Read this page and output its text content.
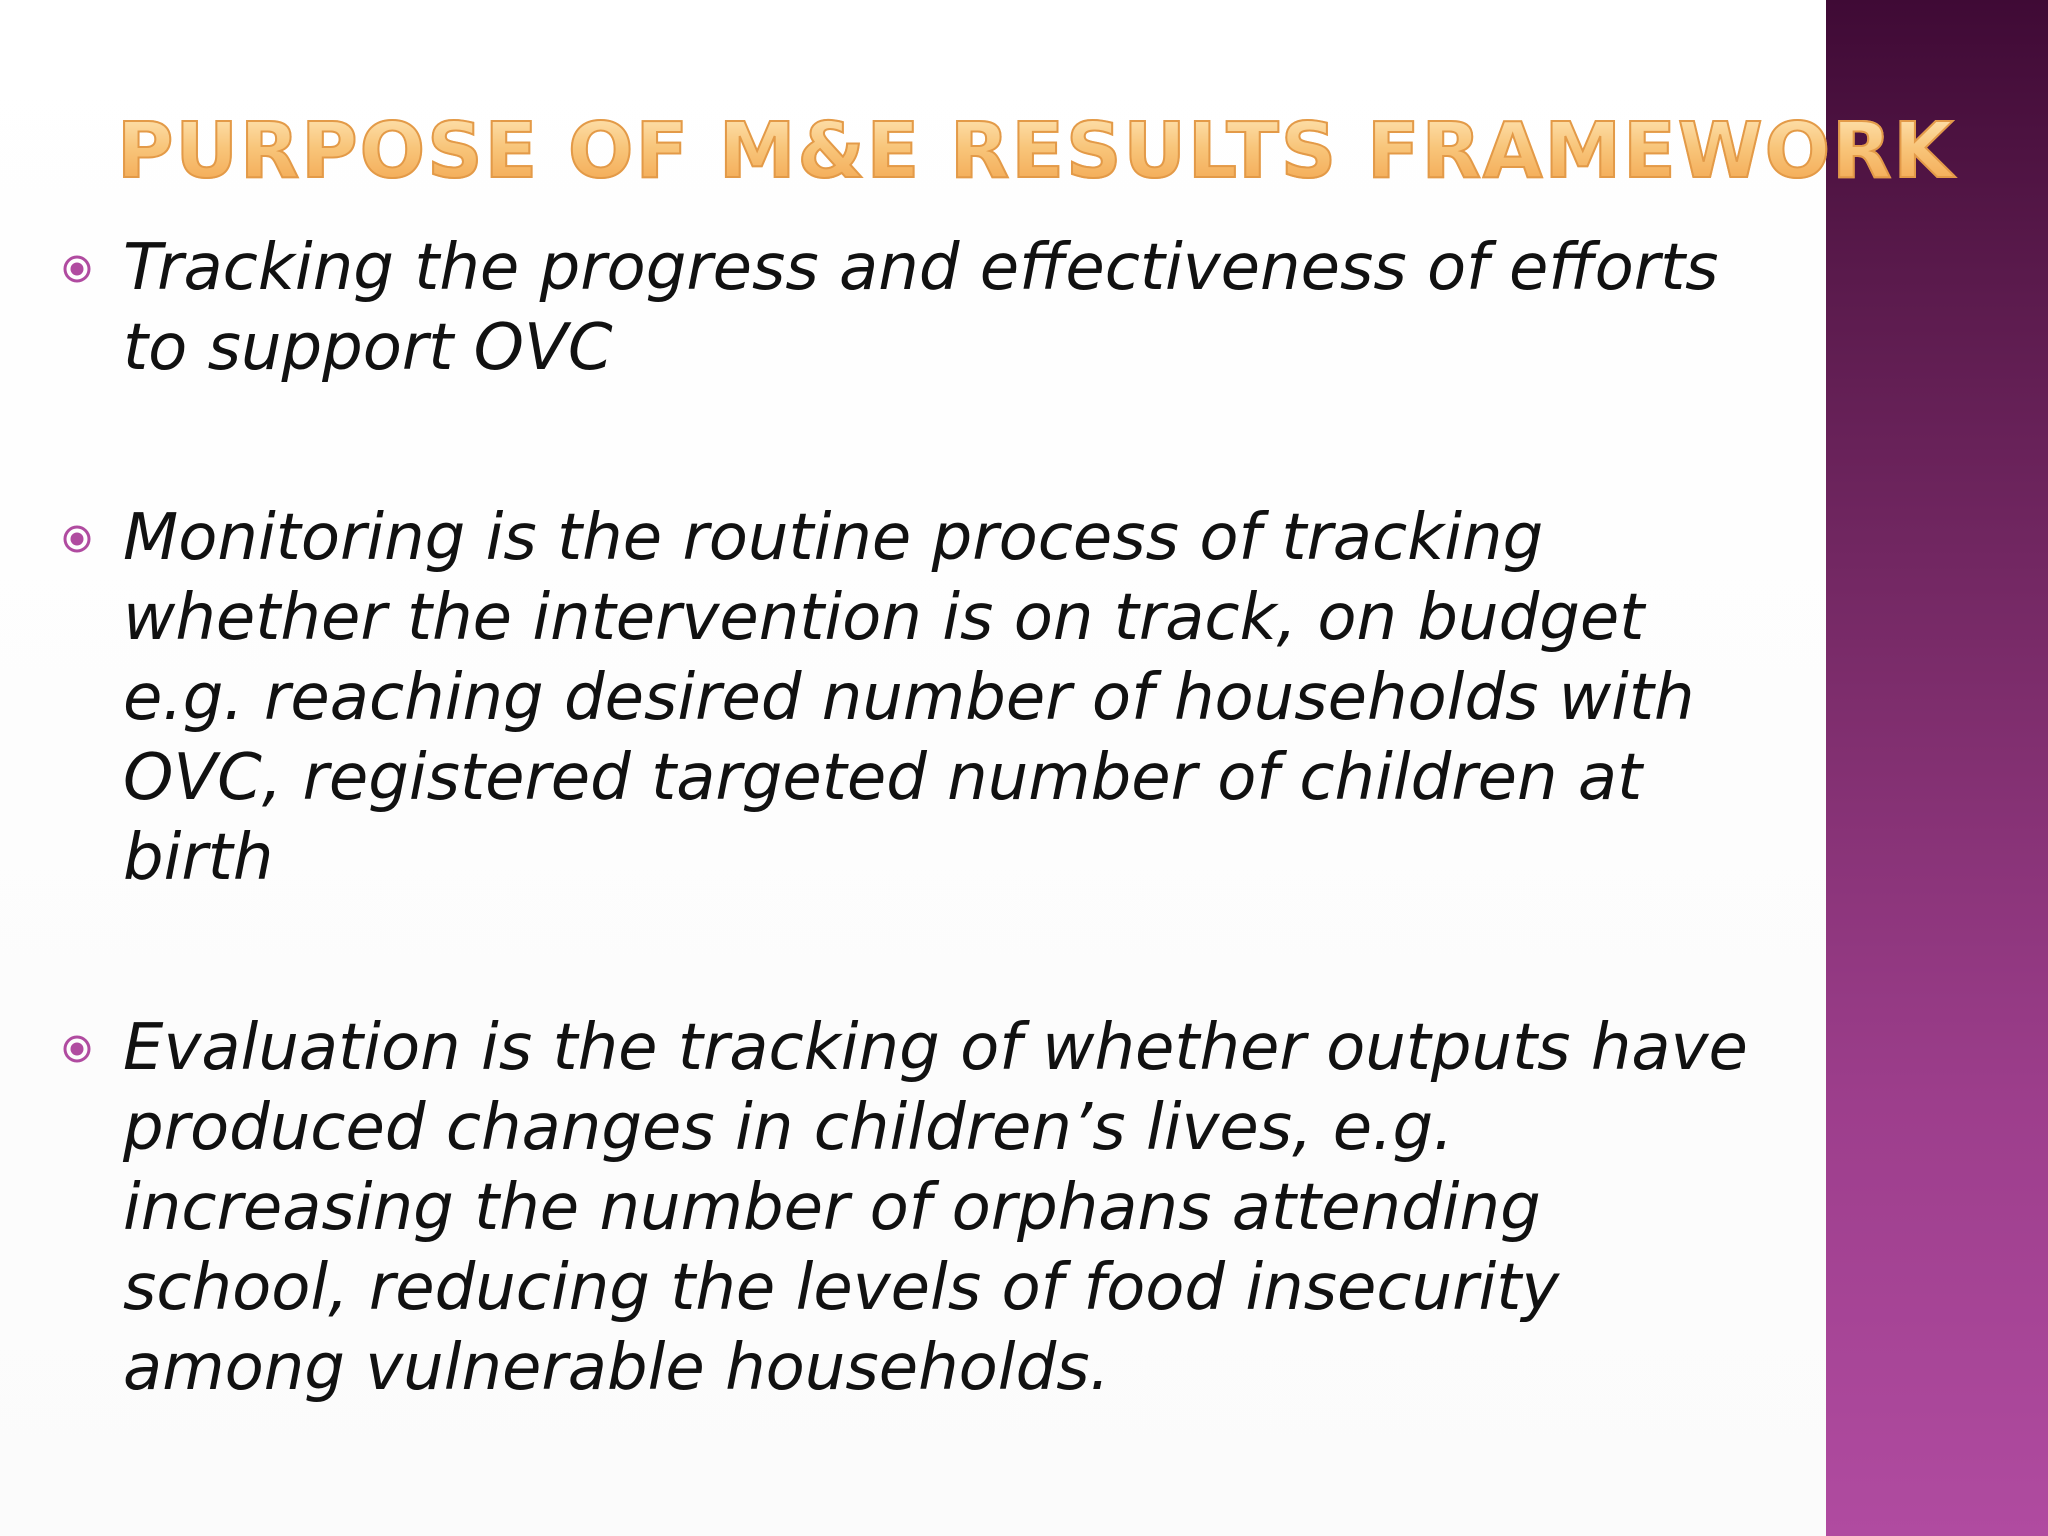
PURPOSE OF M&E RESULTS FRAMEWORK
Tracking the progress and effectiveness of efforts to support OVC
Monitoring is the routine process of tracking whether the intervention is on track, on budget e.g. reaching desired number of households with OVC, registered targeted number of children at birth
Evaluation is the tracking of whether outputs have produced changes in children’s lives, e.g. increasing the number of orphans attending school, reducing the levels of food insecurity among vulnerable households.
